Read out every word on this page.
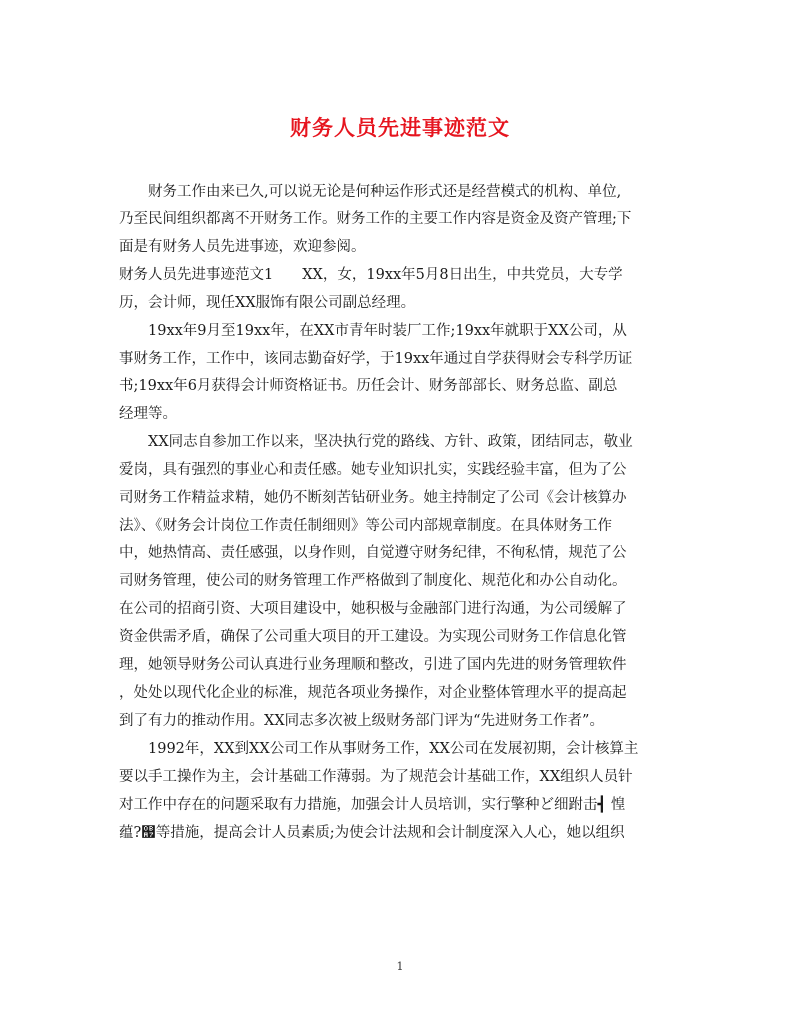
财务人员先进事迹范文
财务工作由来已久,可以说无论是何种运作形式还是经营模式的机构、单位,
乃至民间组织都离不开财务工作。财务工作的主要工作内容是资金及资产管理;下
面是有财务人员先进事迹，欢迎参阅。
财务人员先进事迹范文1　　XX，女，19xx年5月8日出生，中共党员，大专学
历，会计师，现任XX服饰有限公司副总经理。
19xx年9月至19xx年，在XX市青年时装厂工作;19xx年就职于XX公司，从
事财务工作，工作中，该同志勤奋好学，于19xx年通过自学获得财会专科学历证
书;19xx年6月获得会计师资格证书。历任会计、财务部部长、财务总监、副总
经理等。
XX同志自参加工作以来，坚决执行党的路线、方针、政策，团结同志，敬业
爱岗，具有强烈的事业心和责任感。她专业知识扎实，实践经验丰富，但为了公
司财务工作精益求精，她仍不断刻苦钻研业务。她主持制定了公司《会计核算办
法》、《财务会计岗位工作责任制细则》等公司内部规章制度。在具体财务工作
中，她热情高、责任感强，以身作则，自觉遵守财务纪律，不徇私情，规范了公
司财务管理，使公司的财务管理工作严格做到了制度化、规范化和办公自动化。
在公司的招商引资、大项目建设中，她积极与金融部门进行沟通，为公司缓解了
资金供需矛盾，确保了公司重大项目的开工建设。为实现公司财务工作信息化管
理，她领导财务公司认真进行业务理顺和整改，引进了国内先进的财务管理软件
，处处以现代化企业的标准，规范各项业务操作，对企业整体管理水平的提高起
到了有力的推动作用。XX同志多次被上级财务部门评为“先进财务工作者”。
1992年，XX到XX公司工作从事财务工作，XX公司在发展初期，会计核算主
要以手工操作为主，会计基础工作薄弱。为了规范会计基础工作，XX组织人员针
对工作中存在的问题采取有力措施，加强会计人员培训，实行擎种ど细跗击┫ 惶
蕴?஧等措施，提高会计人员素质;为使会计法规和会计制度深入人心，她以组织
1
